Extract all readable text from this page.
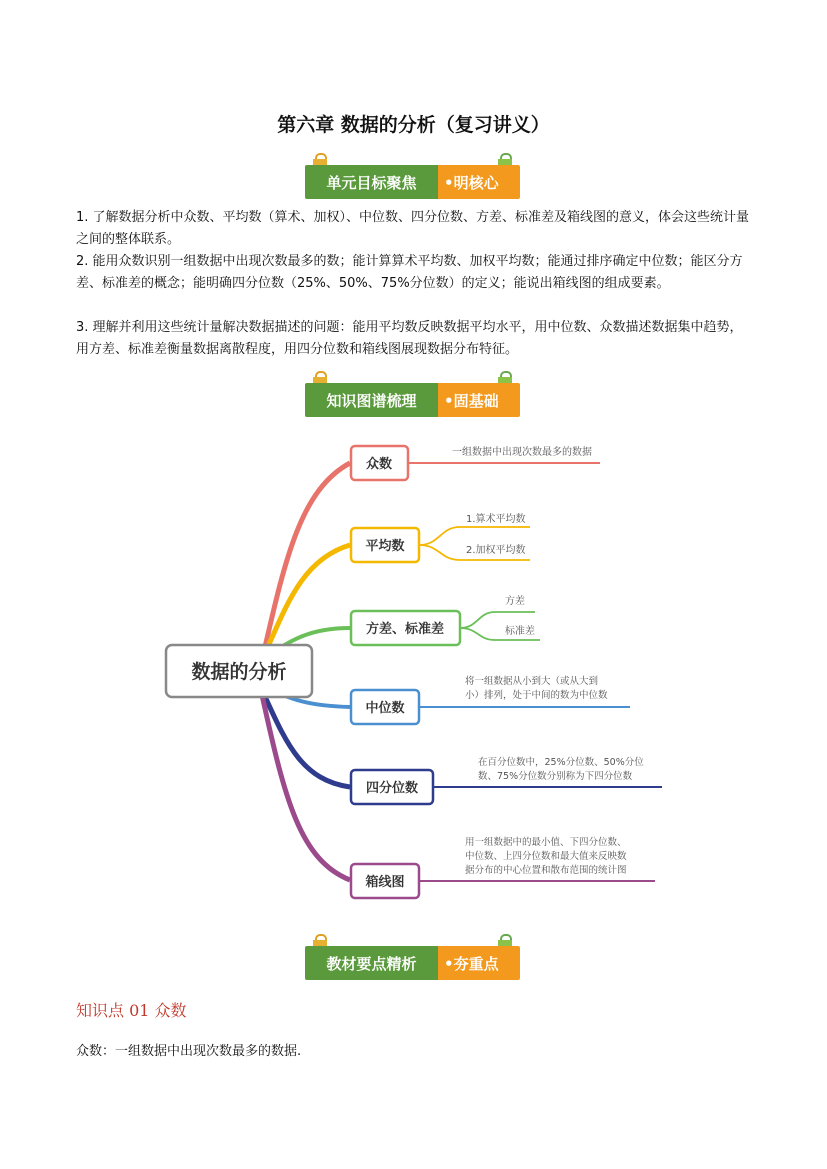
第六章 数据的分析（复习讲义）
单元目标聚焦	•明核心
1. 了解数据分析中众数、平均数（算术、加权）、中位数、四分位数、方差、标准差及箱线图的意义，体会这些统计量之间的整体联系。
2. 能用众数识别一组数据中出现次数最多的数；能计算算术平均数、加权平均数；能通过排序确定中位数；能区分方差、标准差的概念；能明确四分位数（25%、50%、75%分位数）的定义；能说出箱线图的组成要素。
3. 理解并利用这些统计量解决数据描述的问题：能用平均数反映数据平均水平，用中位数、众数描述数据集中趋势，用方差、标准差衡量数据离散程度，用四分位数和箱线图展现数据分布特征。
知识图谱梳理	•固基础
数据的分析
众数
一组数据中出现次数最多的数据
平均数
1.算术平均数
2.加权平均数
方差、标准差
方差
标准差
中位数
将一组数据从小到大（或从大到
小）排列，处于中间的数为中位数
四分位数
在百分位数中，25%分位数、50%分位
数、75%分位数分别称为下四分位数
箱线图
用一组数据中的最小值、下四分位数、
中位数、上四分位数和最大值来反映数
据分布的中心位置和散布范围的统计图
教材要点精析	•夯重点
知识点 01 众数
众数：一组数据中出现次数最多的数据.
